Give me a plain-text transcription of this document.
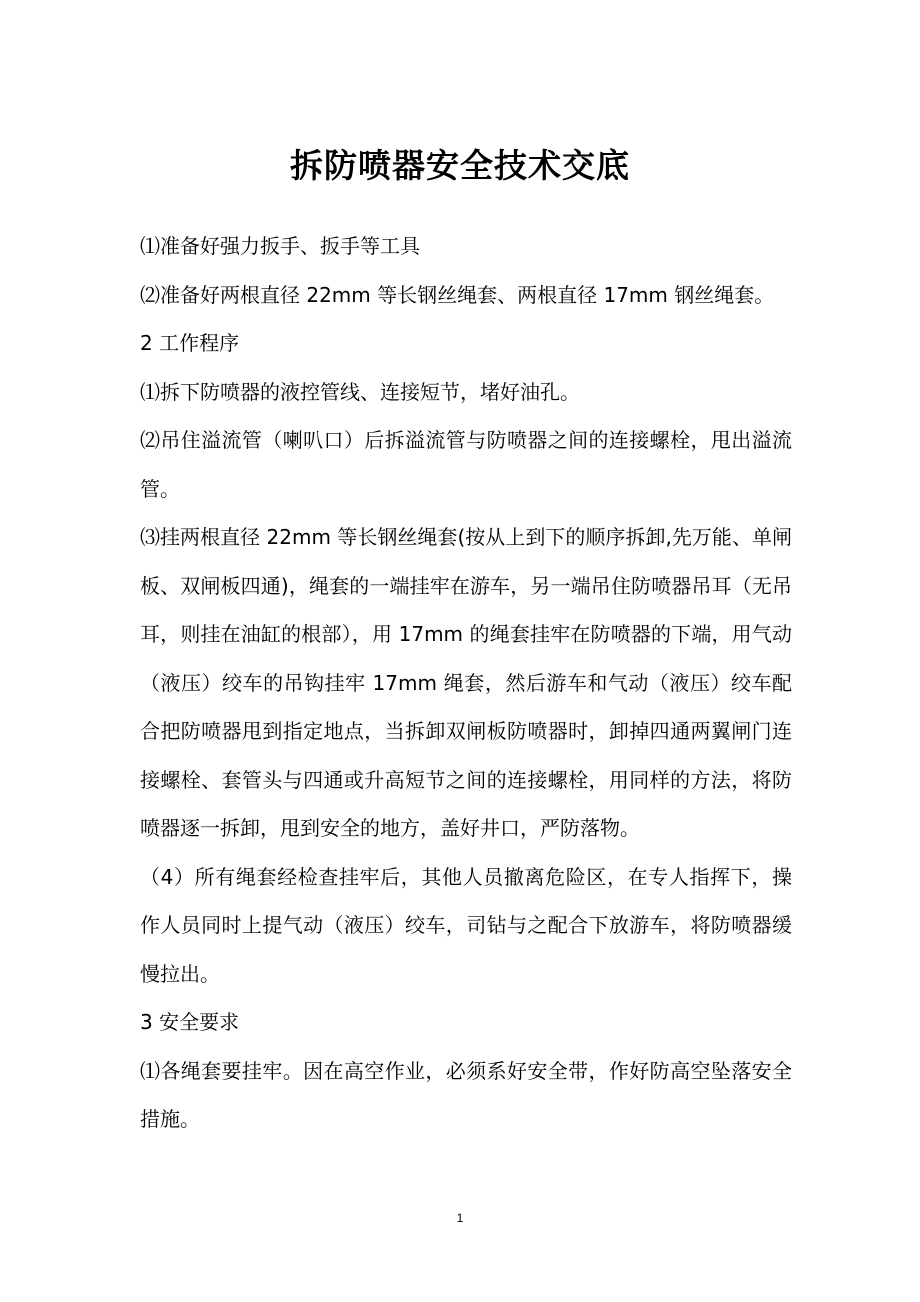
拆防喷器安全技术交底

⑴准备好强力扳手、扳手等工具

⑵准备好两根直径 22mm 等长钢丝绳套、两根直径 17mm 钢丝绳套。

2 工作程序

⑴拆下防喷器的液控管线、连接短节，堵好油孔。

⑵吊住溢流管（喇叭口）后拆溢流管与防喷器之间的连接螺栓，甩出溢流管。

⑶挂两根直径 22mm 等长钢丝绳套(按从上到下的顺序拆卸,先万能、单闸板、双闸板四通)，绳套的一端挂牢在游车，另一端吊住防喷器吊耳（无吊耳，则挂在油缸的根部），用 17mm 的绳套挂牢在防喷器的下端，用气动（液压）绞车的吊钩挂牢 17mm 绳套，然后游车和气动（液压）绞车配合把防喷器甩到指定地点，当拆卸双闸板防喷器时，卸掉四通两翼闸门连接螺栓、套管头与四通或升高短节之间的连接螺栓，用同样的方法，将防喷器逐一拆卸，甩到安全的地方，盖好井口，严防落物。

（4）所有绳套经检查挂牢后，其他人员撤离危险区，在专人指挥下，操作人员同时上提气动（液压）绞车，司钻与之配合下放游车，将防喷器缓慢拉出。

3 安全要求

⑴各绳套要挂牢。因在高空作业，必须系好安全带，作好防高空坠落安全措施。

1
